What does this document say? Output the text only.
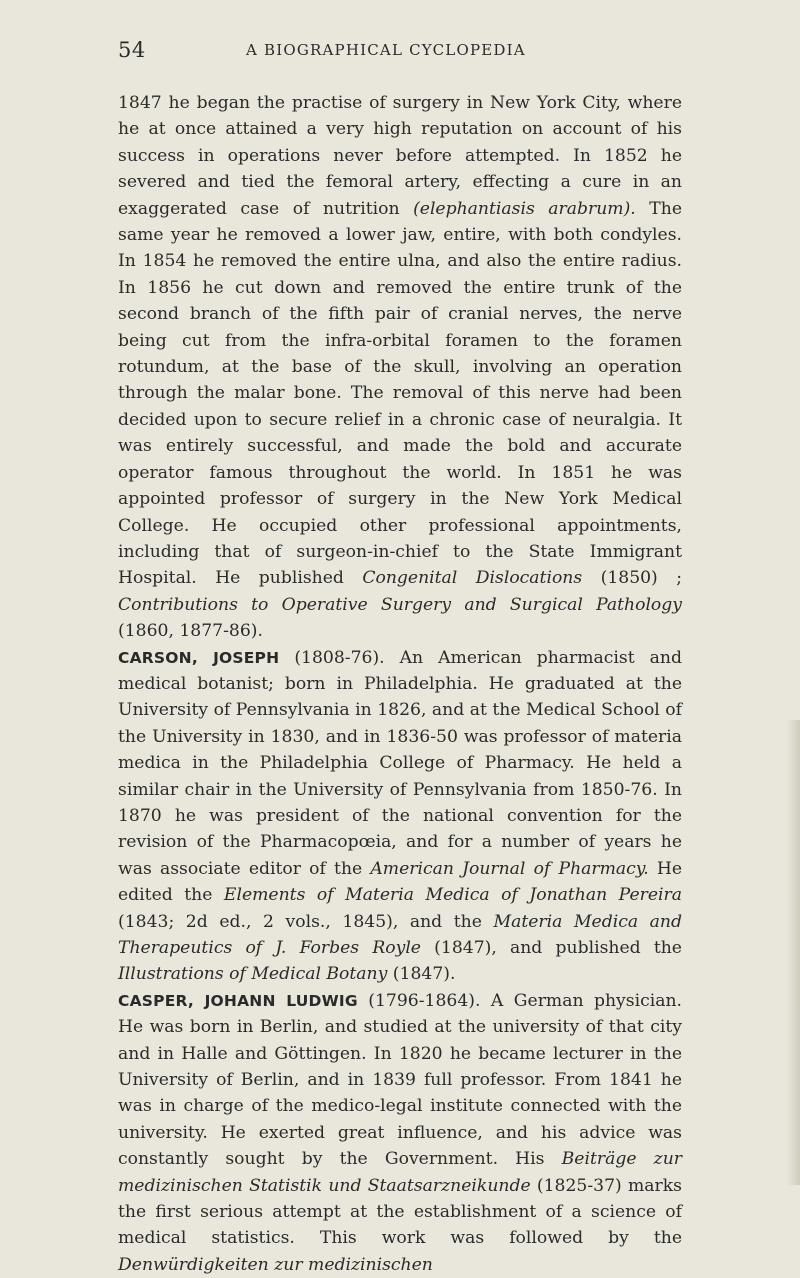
54	A BIOGRAPHICAL CYCLOPEDIA

1847 he began the practise of surgery in New York City, where he at once attained a very high reputation on account of his success in operations never before attempted. In 1852 he severed and tied the femoral artery, effecting a cure in an exaggerated case of nutrition (elephantiasis arabrum). The same year he removed a lower jaw, entire, with both condyles. In 1854 he removed the entire ulna, and also the entire radius. In 1856 he cut down and removed the entire trunk of the second branch of the fifth pair of cranial nerves, the nerve being cut from the infra-orbital foramen to the foramen rotundum, at the base of the skull, involving an operation through the malar bone. The removal of this nerve had been decided upon to secure relief in a chronic case of neuralgia. It was entirely successful, and made the bold and accurate operator famous throughout the world. In 1851 he was appointed professor of surgery in the New York Medical College. He occupied other professional appointments, including that of surgeon-in-chief to the State Immigrant Hospital. He published Congenital Dislocations (1850) ; Contributions to Operative Surgery and Surgical Pathology (1860, 1877-86).

CARSON, JOSEPH (1808-76). An American pharmacist and medical botanist; born in Philadelphia. He graduated at the University of Pennsylvania in 1826, and at the Medical School of the University in 1830, and in 1836-50 was professor of materia medica in the Philadelphia College of Pharmacy. He held a similar chair in the University of Pennsylvania from 1850-76. In 1870 he was president of the national convention for the revision of the Pharmacopœia, and for a number of years he was associate editor of the American Journal of Pharmacy. He edited the Elements of Materia Medica of Jonathan Pereira (1843; 2d ed., 2 vols., 1845), and the Materia Medica and Therapeutics of J. Forbes Royle (1847), and published the Illustrations of Medical Botany (1847).

CASPER, JOHANN LUDWIG (1796-1864). A German physician. He was born in Berlin, and studied at the university of that city and in Halle and Göttingen. In 1820 he became lecturer in the University of Berlin, and in 1839 full professor. From 1841 he was in charge of the medico-legal institute connected with the university. He exerted great influence, and his advice was constantly sought by the Government. His Beiträge zur medizinischen Statistik und Staatsarzneikunde (1825-37) marks the first serious attempt at the establishment of a science of medical statistics. This work was followed by the Denwürdigkeiten zur medizinischen
